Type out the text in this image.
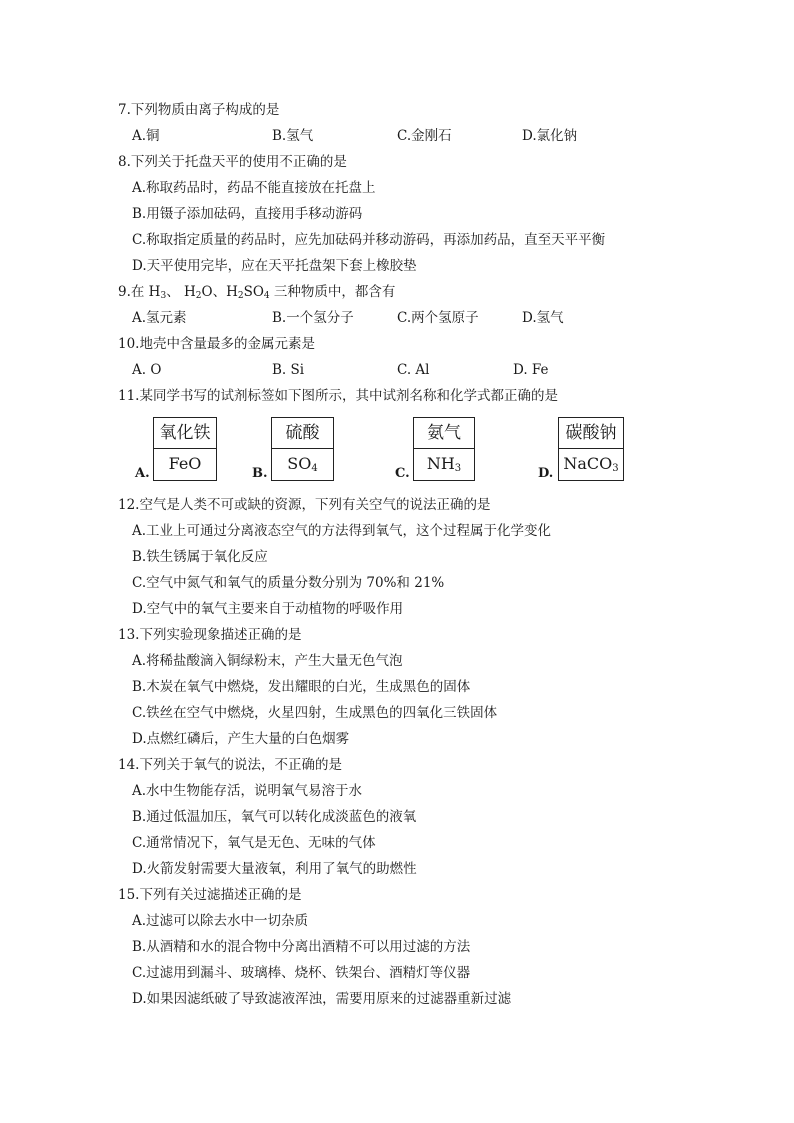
7.下列物质由离子构成的是
A.铜	B.氢气	C.金刚石	D.氯化钠
8.下列关于托盘天平的使用不正确的是
A.称取药品时，药品不能直接放在托盘上
B.用镊子添加砝码，直接用手移动游码
C.称取指定质量的药品时，应先加砝码并移动游码，再添加药品，直至天平平衡
D.天平使用完毕，应在天平托盘架下套上橡胶垫
9.在 $H_3$、 $H_2O$、$H_2SO_4$ 三种物质中，都含有
A.氢元素	B.一个氢分子	C.两个氢原子	D.氢气
10.地壳中含量最多的金属元素是
A. O	B. Si	C. Al	D. Fe
11.某同学书写的试剂标签如下图所示，其中试剂名称和化学式都正确的是
A.
氧化铁
FeO
B.
硫酸
$SO_4$	C.
氨气
$NH_3$	D.
碳酸钠
NaCO$_3$
12.空气是人类不可或缺的资源，下列有关空气的说法正确的是
A.工业上可通过分离液态空气的方法得到氧气，这个过程属于化学变化
B.铁生锈属于氧化反应
C.空气中氮气和氧气的质量分数分别为 70%和 21%
D.空气中的氧气主要来自于动植物的呼吸作用
13.下列实验现象描述正确的是
A.将稀盐酸滴入铜绿粉末，产生大量无色气泡
B.木炭在氧气中燃烧，发出耀眼的白光，生成黑色的固体
C.铁丝在空气中燃烧，火星四射，生成黑色的四氧化三铁固体
D.点燃红磷后，产生大量的白色烟雾
14.下列关于氧气的说法，不正确的是
A.水中生物能存活，说明氧气易溶于水
B.通过低温加压，氧气可以转化成淡蓝色的液氧
C.通常情况下，氧气是无色、无味的气体
D.火箭发射需要大量液氧，利用了氧气的助燃性
15.下列有关过滤描述正确的是
A.过滤可以除去水中一切杂质
B.从酒精和水的混合物中分离出酒精不可以用过滤的方法
C.过滤用到漏斗、玻璃棒、烧杯、铁架台、酒精灯等仪器
D.如果因滤纸破了导致滤液浑浊，需要用原来的过滤器重新过滤
